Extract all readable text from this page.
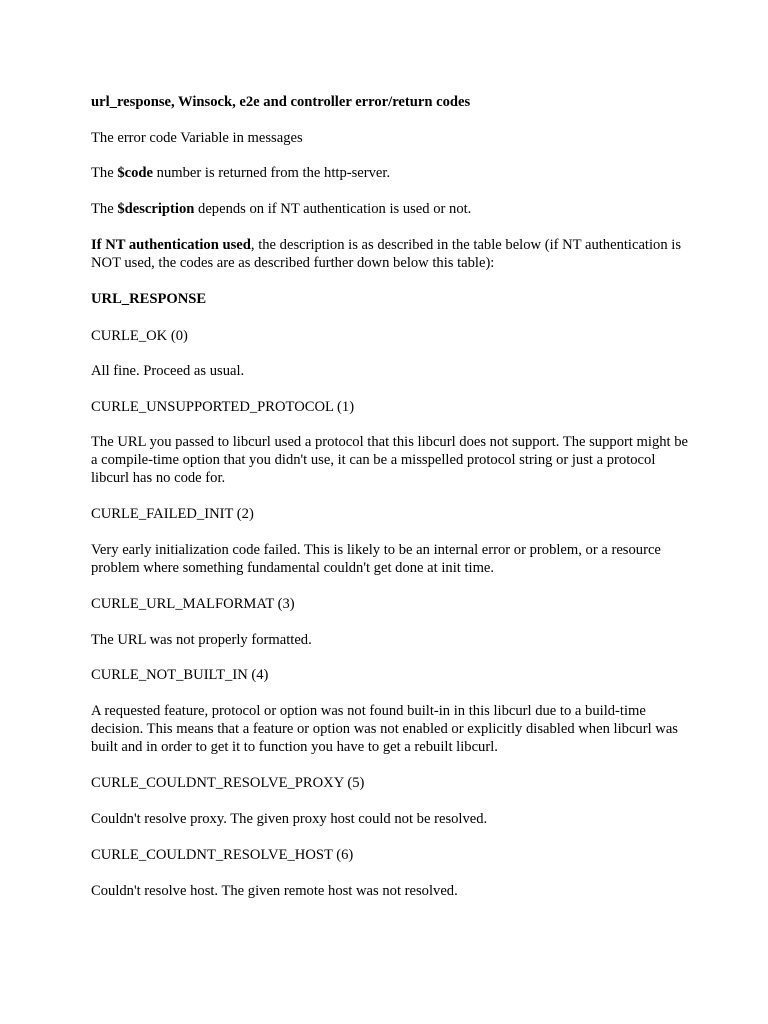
url_response, Winsock, e2e and controller error/return codes

The error code Variable in messages

The $code number is returned from the http-server.

The $description depends on if NT authentication is used or not.

If NT authentication used, the description is as described in the table below (if NT authentication is NOT used, the codes are as described further down below this table):

URL_RESPONSE

CURLE_OK (0)

All fine. Proceed as usual.

CURLE_UNSUPPORTED_PROTOCOL (1)

The URL you passed to libcurl used a protocol that this libcurl does not support. The support might be a compile-time option that you didn't use, it can be a misspelled protocol string or just a protocol libcurl has no code for.

CURLE_FAILED_INIT (2)

Very early initialization code failed. This is likely to be an internal error or problem, or a resource problem where something fundamental couldn't get done at init time.

CURLE_URL_MALFORMAT (3)

The URL was not properly formatted.

CURLE_NOT_BUILT_IN (4)

A requested feature, protocol or option was not found built-in in this libcurl due to a build-time decision. This means that a feature or option was not enabled or explicitly disabled when libcurl was built and in order to get it to function you have to get a rebuilt libcurl.

CURLE_COULDNT_RESOLVE_PROXY (5)

Couldn't resolve proxy. The given proxy host could not be resolved.

CURLE_COULDNT_RESOLVE_HOST (6)

Couldn't resolve host. The given remote host was not resolved.
